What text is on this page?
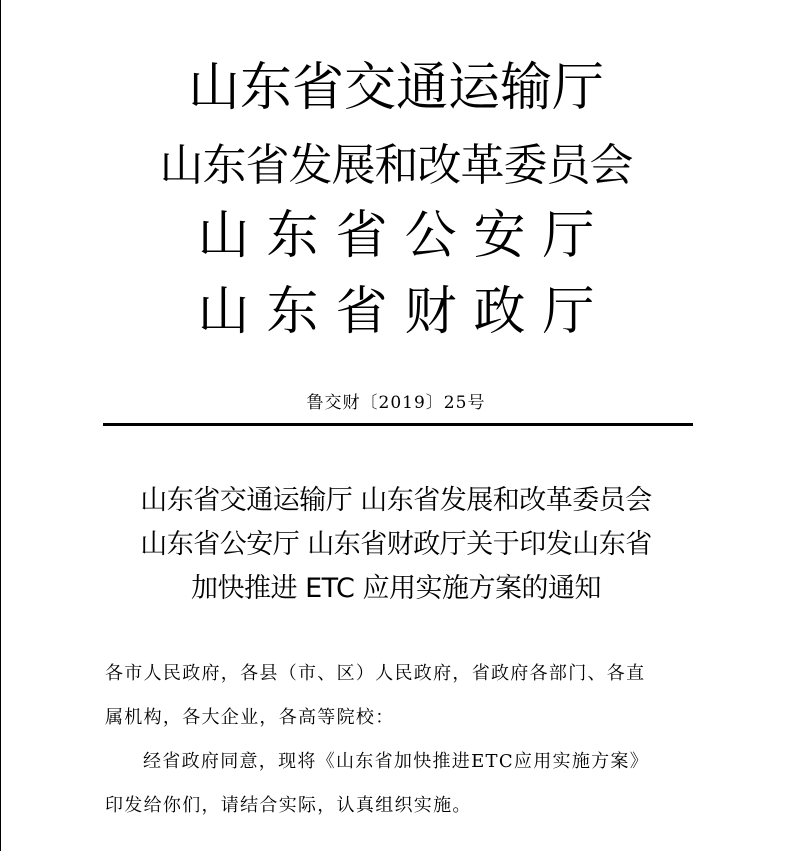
山东省交通运输厅
山东省发展和改革委员会
山东省公安厅
山东省财政厅
鲁交财〔2019〕25号
山东省交通运输厅 山东省发展和改革委员会
山东省公安厅 山东省财政厅关于印发山东省
加快推进 ETC 应用实施方案的通知
各市人民政府，各县（市、区）人民政府，省政府各部门、各直
属机构，各大企业，各高等院校：
经省政府同意，现将《山东省加快推进ETC应用实施方案》
印发给你们，请结合实际，认真组织实施。
